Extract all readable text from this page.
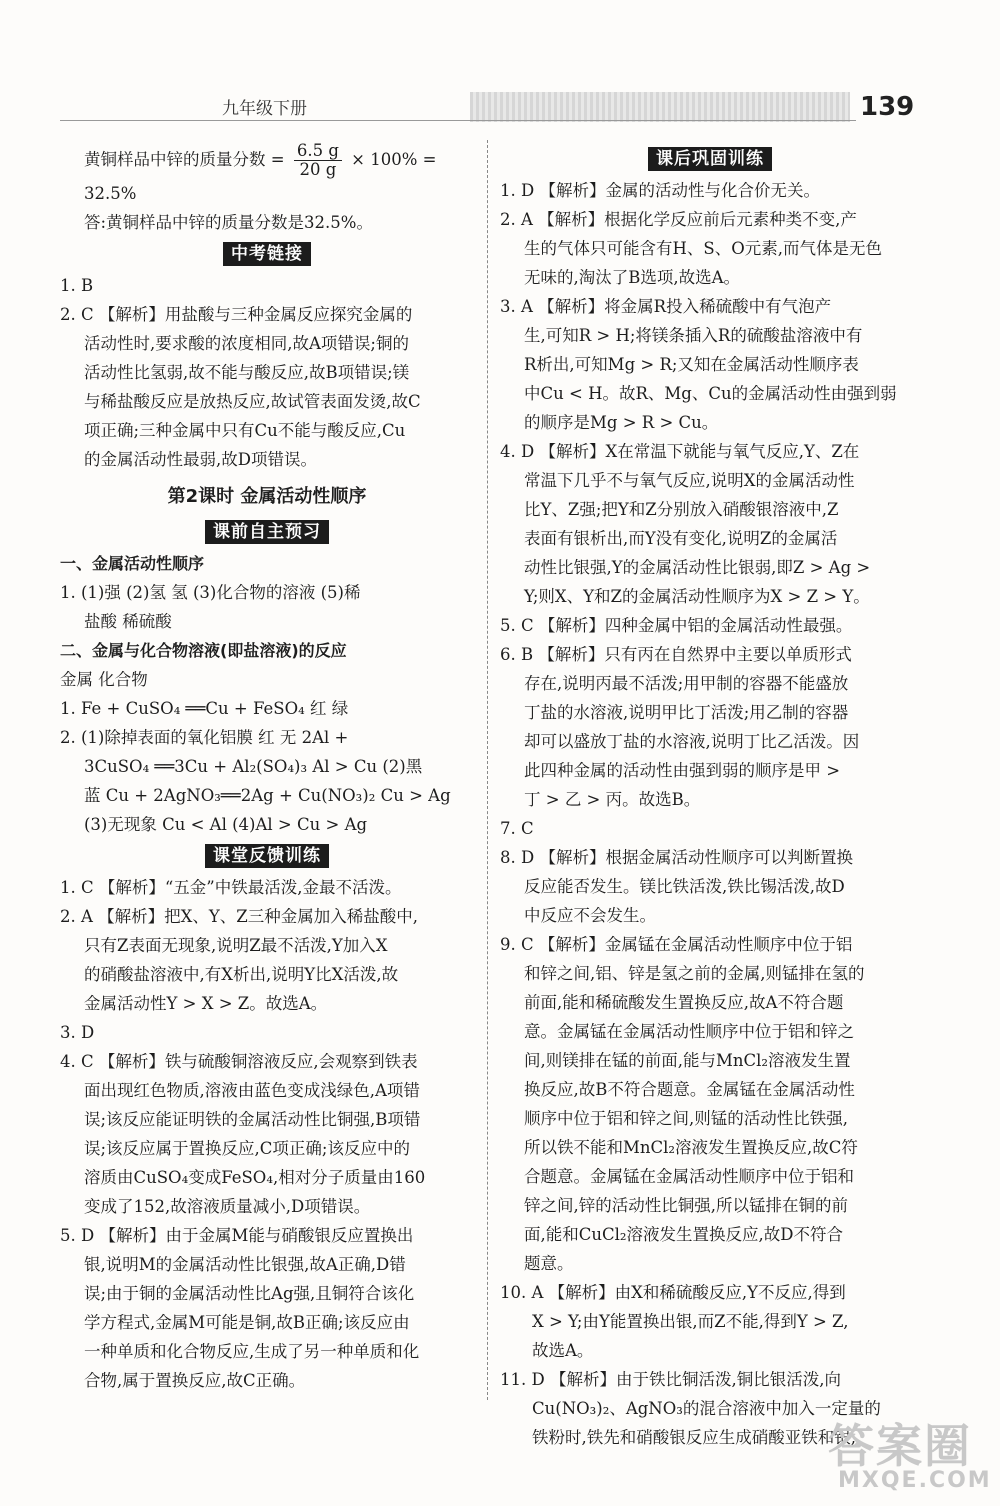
九年级下册	139
黄铜样品中锌的质量分数 = $\frac{6.5 g}{20 g} \times 100\%$ =
32.5%
答:黄铜样品中锌的质量分数是32.5%。
中考链接
1. B
2. C 【解析】用盐酸与三种金属反应探究金属的
活动性时,要求酸的浓度相同,故A项错误;铜的
活动性比氢弱,故不能与酸反应,故B项错误;镁
与稀盐酸反应是放热反应,故试管表面发烫,故C
项正确;三种金属中只有Cu不能与酸反应,Cu
的金属活动性最弱,故D项错误。
第2课时 金属活动性顺序
课前自主预习
一、金属活动性顺序
1. (1)强 (2)氢 氢 (3)化合物的溶液 (5)稀
盐酸 稀硫酸
二、金属与化合物溶液(即盐溶液)的反应
金属 化合物
1. Fe + CuSO₄ ══Cu + FeSO₄ 红 绿
2. (1)除掉表面的氧化铝膜 红 无 2Al +
3CuSO₄ ══3Cu + Al₂(SO₄)₃ Al > Cu (2)黑
蓝 Cu + 2AgNO₃══2Ag + Cu(NO₃)₂ Cu > Ag
(3)无现象 Cu < Al (4)Al > Cu > Ag
课堂反馈训练
1. C 【解析】“五金”中铁最活泼,金最不活泼。
2. A 【解析】把X、Y、Z三种金属加入稀盐酸中,
只有Z表面无现象,说明Z最不活泼,Y加入X
的硝酸盐溶液中,有X析出,说明Y比X活泼,故
金属活动性Y > X > Z。故选A。
3. D
4. C 【解析】铁与硫酸铜溶液反应,会观察到铁表
面出现红色物质,溶液由蓝色变成浅绿色,A项错
误;该反应能证明铁的金属活动性比铜强,B项错
误;该反应属于置换反应,C项正确;该反应中的
溶质由CuSO₄变成FeSO₄,相对分子质量由160
变成了152,故溶液质量减小,D项错误。
5. D 【解析】由于金属M能与硝酸银反应置换出
银,说明M的金属活动性比银强,故A正确,D错
误;由于铜的金属活动性比Ag强,且铜符合该化
学方程式,金属M可能是铜,故B正确;该反应由
一种单质和化合物反应,生成了另一种单质和化
合物,属于置换反应,故C正确。
课后巩固训练
1. D 【解析】金属的活动性与化合价无关。
2. A 【解析】根据化学反应前后元素种类不变,产
生的气体只可能含有H、S、O元素,而气体是无色
无味的,淘汰了B选项,故选A。
3. A 【解析】将金属R投入稀硫酸中有气泡产
生,可知R > H;将镁条插入R的硫酸盐溶液中有
R析出,可知Mg > R;又知在金属活动性顺序表
中Cu < H。故R、Mg、Cu的金属活动性由强到弱
的顺序是Mg > R > Cu。
4. D 【解析】X在常温下就能与氧气反应,Y、Z在
常温下几乎不与氧气反应,说明X的金属活动性
比Y、Z强;把Y和Z分别放入硝酸银溶液中,Z
表面有银析出,而Y没有变化,说明Z的金属活
动性比银强,Y的金属活动性比银弱,即Z > Ag >
Y;则X、Y和Z的金属活动性顺序为X > Z > Y。
5. C 【解析】四种金属中铝的金属活动性最强。
6. B 【解析】只有丙在自然界中主要以单质形式
存在,说明丙最不活泼;用甲制的容器不能盛放
丁盐的水溶液,说明甲比丁活泼;用乙制的容器
却可以盛放丁盐的水溶液,说明丁比乙活泼。因
此四种金属的活动性由强到弱的顺序是甲 >
丁 > 乙 > 丙。故选B。
7. C
8. D 【解析】根据金属活动性顺序可以判断置换
反应能否发生。镁比铁活泼,铁比锡活泼,故D
中反应不会发生。
9. C 【解析】金属锰在金属活动性顺序中位于铝
和锌之间,铝、锌是氢之前的金属,则锰排在氢的
前面,能和稀硫酸发生置换反应,故A不符合题
意。金属锰在金属活动性顺序中位于铝和锌之
间,则镁排在锰的前面,能与MnCl₂溶液发生置
换反应,故B不符合题意。金属锰在金属活动性
顺序中位于铝和锌之间,则锰的活动性比铁强,
所以铁不能和MnCl₂溶液发生置换反应,故C符
合题意。金属锰在金属活动性顺序中位于铝和
锌之间,锌的活动性比铜强,所以锰排在铜的前
面,能和CuCl₂溶液发生置换反应,故D不符合
题意。
10. A 【解析】由X和稀硫酸反应,Y不反应,得到
X > Y;由Y能置换出银,而Z不能,得到Y > Z,
故选A。
11. D 【解析】由于铁比铜活泼,铜比银活泼,向
Cu(NO₃)₂、AgNO₃的混合溶液中加入一定量的
铁粉时,铁先和硝酸银反应生成硝酸亚铁和银,
答案圈
MXQE.COM
